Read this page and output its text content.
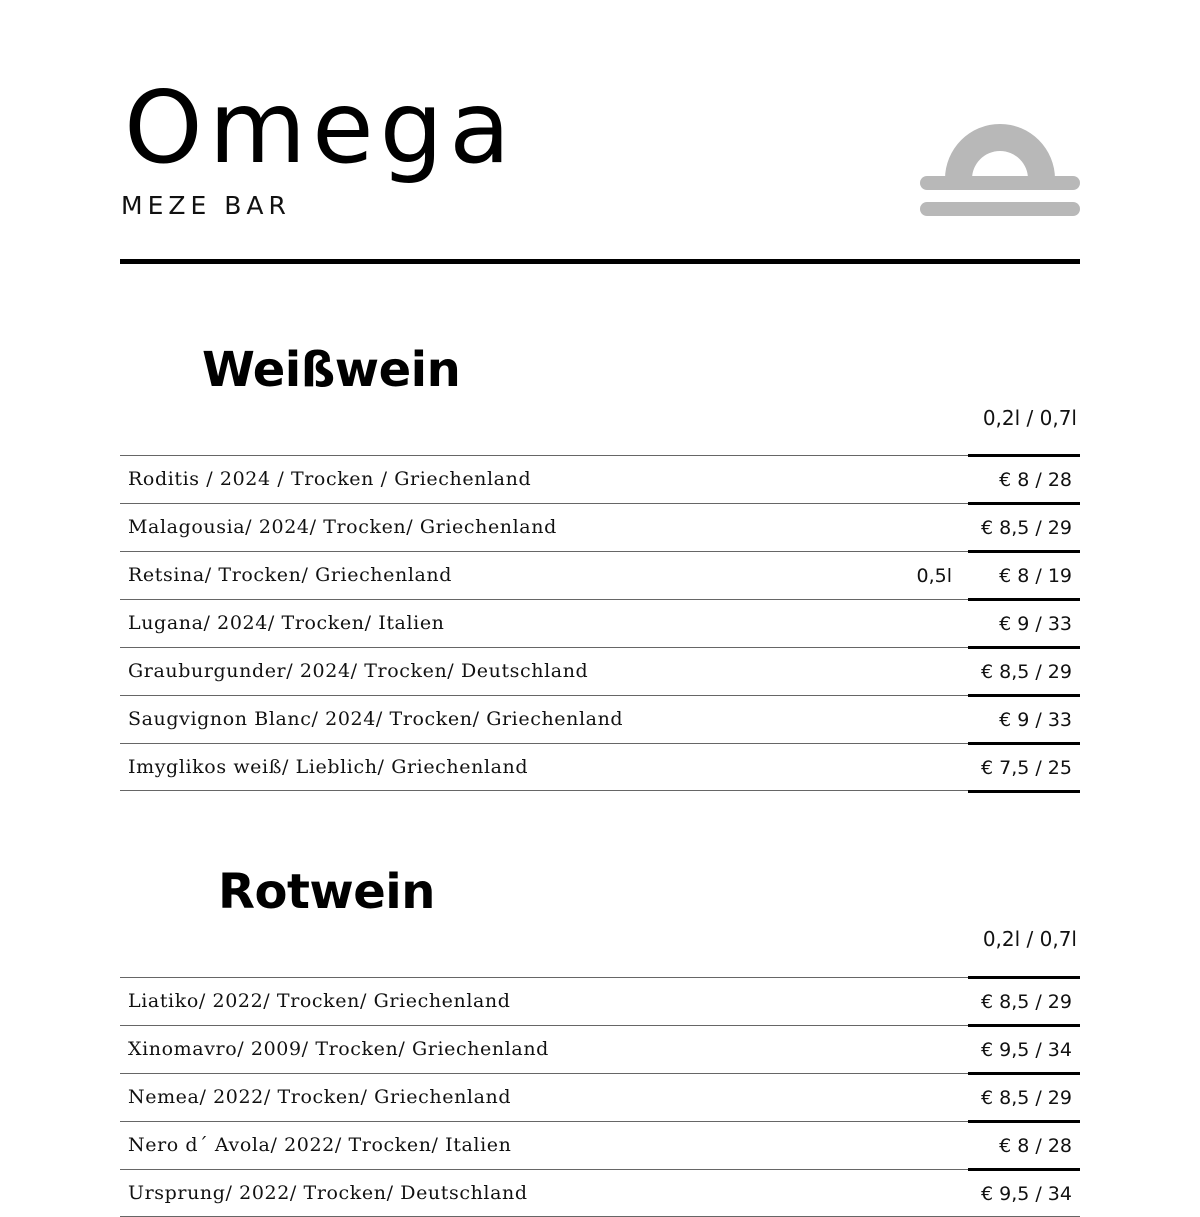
Omega
MEZE BAR
Weißwein
0,2l / 0,7l
Roditis / 2024 / Trocken / Griechenland	€ 8 / 28
Malagousia/ 2024/ Trocken/ Griechenland	€ 8,5 / 29
Retsina/ Trocken/ Griechenland	0,5l € 8 / 19
Lugana/ 2024/ Trocken/ Italien	€ 9 / 33
Grauburgunder/ 2024/ Trocken/ Deutschland	€ 8,5 / 29
Saugvignon Blanc/ 2024/ Trocken/ Griechenland	€ 9 / 33
Imyglikos weiß/ Lieblich/ Griechenland	€ 7,5 / 25
Rotwein
0,2l / 0,7l
Liatiko/ 2022/ Trocken/ Griechenland	€ 8,5 / 29
Xinomavro/ 2009/ Trocken/ Griechenland	€ 9,5 / 34
Nemea/ 2022/ Trocken/ Griechenland	€ 8,5 / 29
Nero d´ Avola/ 2022/ Trocken/ Italien	€ 8 / 28
Ursprung/ 2022/ Trocken/ Deutschland	€ 9,5 / 34
